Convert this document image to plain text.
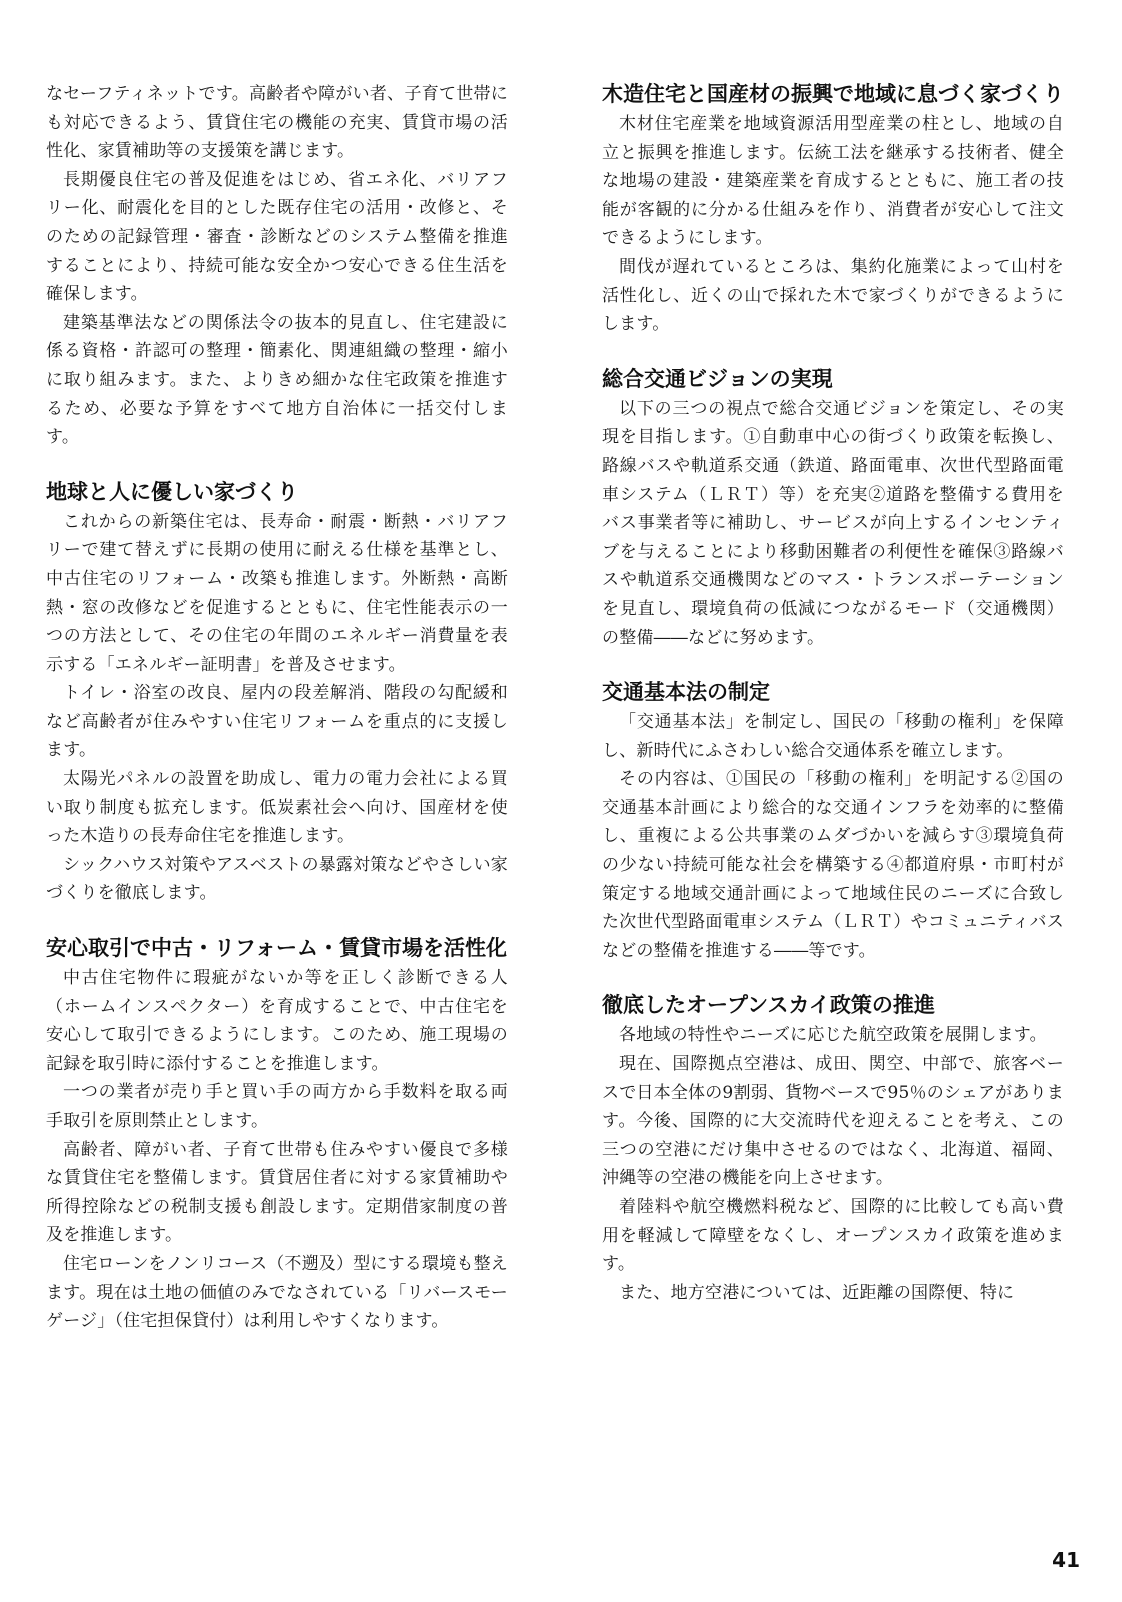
なセーフティネットです。高齢者や障がい者、子育て世帯にも対応できるよう、賃貸住宅の機能の充実、賃貸市場の活性化、家賃補助等の支援策を講じます。

長期優良住宅の普及促進をはじめ、省エネ化、バリアフリー化、耐震化を目的とした既存住宅の活用・改修と、そのための記録管理・審査・診断などのシステム整備を推進することにより、持続可能な安全かつ安心できる住生活を確保します。

建築基準法などの関係法令の抜本的見直し、住宅建設に係る資格・許認可の整理・簡素化、関連組織の整理・縮小に取り組みます。また、よりきめ細かな住宅政策を推進するため、必要な予算をすべて地方自治体に一括交付します。

地球と人に優しい家づくり

これからの新築住宅は、長寿命・耐震・断熱・バリアフリーで建て替えずに長期の使用に耐える仕様を基準とし、中古住宅のリフォーム・改築も推進します。外断熱・高断熱・窓の改修などを促進するとともに、住宅性能表示の一つの方法として、その住宅の年間のエネルギー消費量を表示する「エネルギー証明書」を普及させます。

トイレ・浴室の改良、屋内の段差解消、階段の勾配緩和など高齢者が住みやすい住宅リフォームを重点的に支援します。

太陽光パネルの設置を助成し、電力の電力会社による買い取り制度も拡充します。低炭素社会へ向け、国産材を使った木造りの長寿命住宅を推進します。

シックハウス対策やアスベストの暴露対策などやさしい家づくりを徹底します。

安心取引で中古・リフォーム・賃貸市場を活性化

中古住宅物件に瑕疵がないか等を正しく診断できる人（ホームインスペクター）を育成することで、中古住宅を安心して取引できるようにします。このため、施工現場の記録を取引時に添付することを推進します。

一つの業者が売り手と買い手の両方から手数料を取る両手取引を原則禁止とします。

高齢者、障がい者、子育て世帯も住みやすい優良で多様な賃貸住宅を整備します。賃貸居住者に対する家賃補助や所得控除などの税制支援も創設します。定期借家制度の普及を推進します。

住宅ローンをノンリコース（不遡及）型にする環境も整えます。現在は土地の価値のみでなされている「リバースモーゲージ」（住宅担保貸付）は利用しやすくなります。

木造住宅と国産材の振興で地域に息づく家づくり

木材住宅産業を地域資源活用型産業の柱とし、地域の自立と振興を推進します。伝統工法を継承する技術者、健全な地場の建設・建築産業を育成するとともに、施工者の技能が客観的に分かる仕組みを作り、消費者が安心して注文できるようにします。

間伐が遅れているところは、集約化施業によって山村を活性化し、近くの山で採れた木で家づくりができるようにします。

総合交通ビジョンの実現

以下の三つの視点で総合交通ビジョンを策定し、その実現を目指します。①自動車中心の街づくり政策を転換し、路線バスや軌道系交通（鉄道、路面電車、次世代型路面電車システム（ＬＲＴ）等）を充実②道路を整備する費用をバス事業者等に補助し、サービスが向上するインセンティブを与えることにより移動困難者の利便性を確保③路線バスや軌道系交通機関などのマス・トランスポーテーションを見直し、環境負荷の低減につながるモード（交通機関）の整備――などに努めます。

交通基本法の制定

「交通基本法」を制定し、国民の「移動の権利」を保障し、新時代にふさわしい総合交通体系を確立します。

その内容は、①国民の「移動の権利」を明記する②国の交通基本計画により総合的な交通インフラを効率的に整備し、重複による公共事業のムダづかいを減らす③環境負荷の少ない持続可能な社会を構築する④都道府県・市町村が策定する地域交通計画によって地域住民のニーズに合致した次世代型路面電車システム（ＬＲＴ）やコミュニティバスなどの整備を推進する――等です。

徹底したオープンスカイ政策の推進

各地域の特性やニーズに応じた航空政策を展開します。

現在、国際拠点空港は、成田、関空、中部で、旅客ベースで日本全体の9割弱、貨物ベースで95％のシェアがあります。今後、国際的に大交流時代を迎えることを考え、この三つの空港にだけ集中させるのではなく、北海道、福岡、沖縄等の空港の機能を向上させます。

着陸料や航空機燃料税など、国際的に比較しても高い費用を軽減して障壁をなくし、オープンスカイ政策を進めます。

また、地方空港については、近距離の国際便、特に

41
